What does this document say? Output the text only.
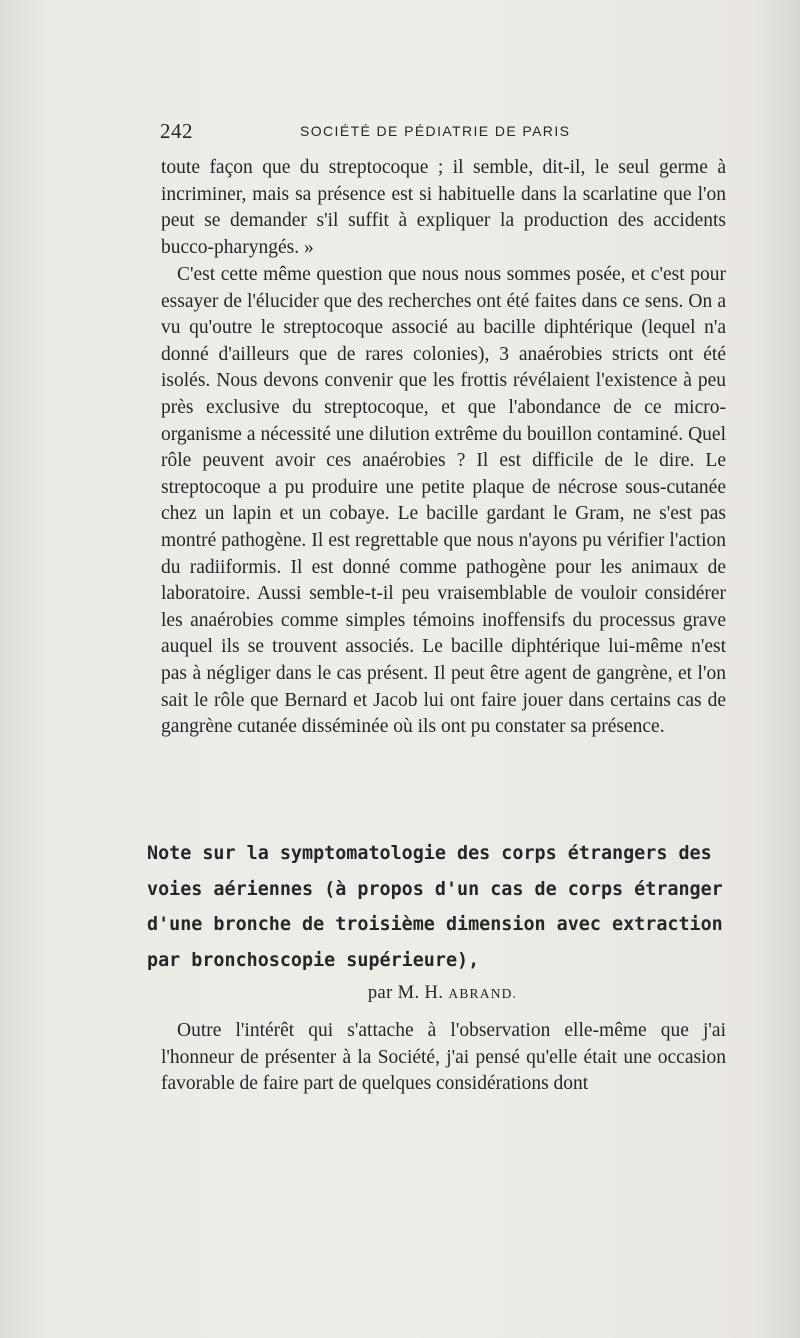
242	SOCIÉTÉ DE PÉDIATRIE DE PARIS

toute façon que du streptocoque ; il semble, dit-il, le seul germe à incriminer, mais sa présence est si habituelle dans la scarlatine que l'on peut se demander s'il suffit à expliquer la production des accidents bucco-pharyngés. »

C'est cette même question que nous nous sommes posée, et c'est pour essayer de l'élucider que des recherches ont été faites dans ce sens. On a vu qu'outre le streptocoque associé au bacille diphtérique (lequel n'a donné d'ailleurs que de rares colonies), 3 anaérobies stricts ont été isolés. Nous devons convenir que les frottis révélaient l'existence à peu près exclusive du streptocoque, et que l'abondance de ce micro-organisme a nécessité une dilution extrême du bouillon contaminé. Quel rôle peuvent avoir ces anaérobies ? Il est difficile de le dire. Le streptocoque a pu produire une petite plaque de nécrose sous-cutanée chez un lapin et un cobaye. Le bacille gardant le Gram, ne s'est pas montré pathogène. Il est regrettable que nous n'ayons pu vérifier l'action du radiiformis. Il est donné comme pathogène pour les animaux de laboratoire. Aussi semble-t-il peu vraisemblable de vouloir considérer les anaérobies comme simples témoins inoffensifs du processus grave auquel ils se trouvent associés. Le bacille diphtérique lui-même n'est pas à négliger dans le cas présent. Il peut être agent de gangrène, et l'on sait le rôle que Bernard et Jacob lui ont faire jouer dans certains cas de gangrène cutanée disséminée où ils ont pu constater sa présence.

Note sur la symptomatologie des corps étrangers des voies aériennes (à propos d'un cas de corps étranger d'une bronche de troisième dimension avec extraction par bronchoscopie supérieure),
par M. H. ABRAND.

Outre l'intérêt qui s'attache à l'observation elle-même que j'ai l'honneur de présenter à la Société, j'ai pensé qu'elle était une occasion favorable de faire part de quelques considérations dont
